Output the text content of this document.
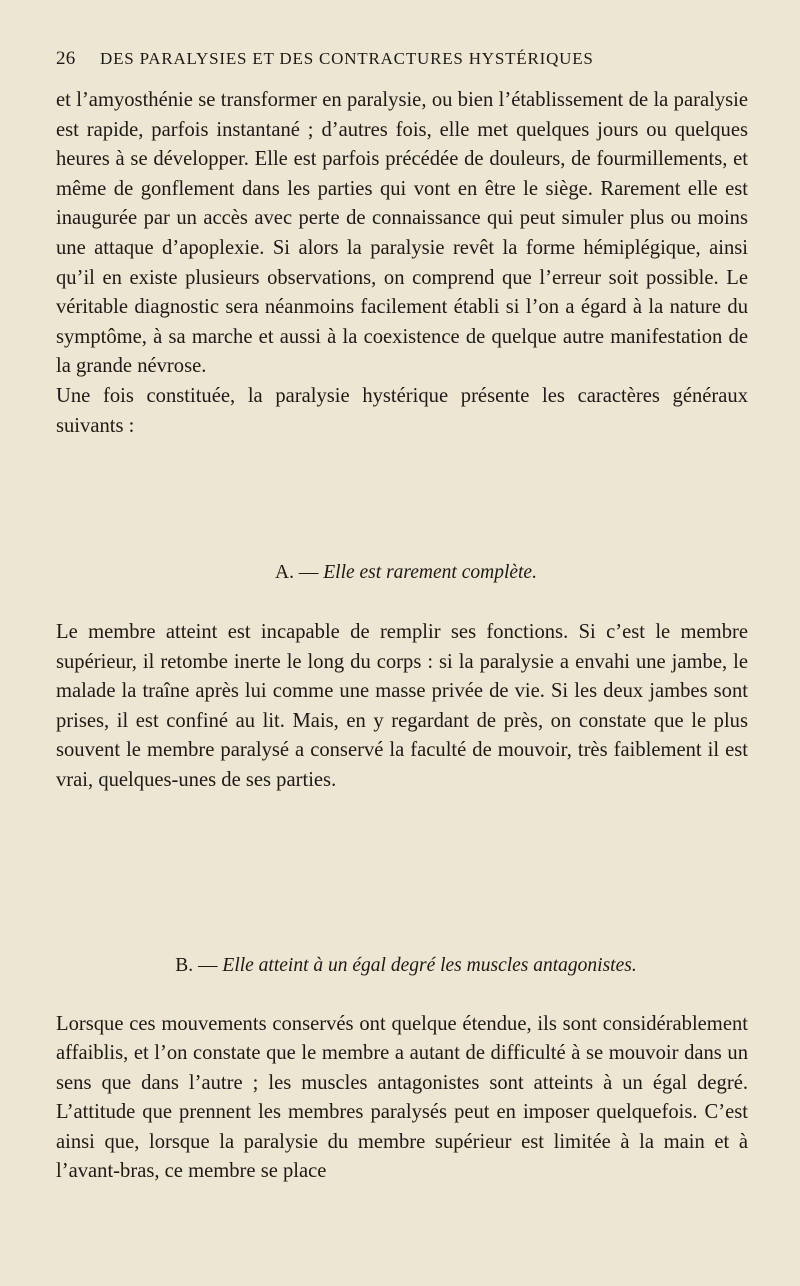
26 DES PARALYSIES ET DES CONTRACTURES HYSTÉRIQUES

et l’amyosthénie se transformer en paralysie, ou bien l’établissement de la paralysie est rapide, parfois instantané ; d’autres fois, elle met quelques jours ou quelques heures à se développer. Elle est parfois précédée de douleurs, de fourmillements, et même de gonflement dans les parties qui vont en être le siège. Rarement elle est inaugurée par un accès avec perte de connaissance qui peut simuler plus ou moins une attaque d’apoplexie. Si alors la paralysie revêt la forme hémiplégique, ainsi qu’il en existe plusieurs observations, on comprend que l’erreur soit possible. Le véritable diagnostic sera néanmoins facilement établi si l’on a égard à la nature du symptôme, à sa marche et aussi à la coexistence de quelque autre manifestation de la grande névrose.

Une fois constituée, la paralysie hystérique présente les caractères généraux suivants :

A. — Elle est rarement complète.

Le membre atteint est incapable de remplir ses fonctions. Si c’est le membre supérieur, il retombe inerte le long du corps : si la paralysie a envahi une jambe, le malade la traîne après lui comme une masse privée de vie. Si les deux jambes sont prises, il est confiné au lit. Mais, en y regardant de près, on constate que le plus souvent le membre paralysé a conservé la faculté de mouvoir, très faiblement il est vrai, quelques-unes de ses parties.

B. — Elle atteint à un égal degré les muscles antagonistes.

Lorsque ces mouvements conservés ont quelque étendue, ils sont considérablement affaiblis, et l’on constate que le membre a autant de difficulté à se mouvoir dans un sens que dans l’autre ; les muscles antagonistes sont atteints à un égal degré. L’attitude que prennent les membres paralysés peut en imposer quelquefois. C’est ainsi que, lorsque la paralysie du membre supérieur est limitée à la main et à l’avant-bras, ce membre se place
